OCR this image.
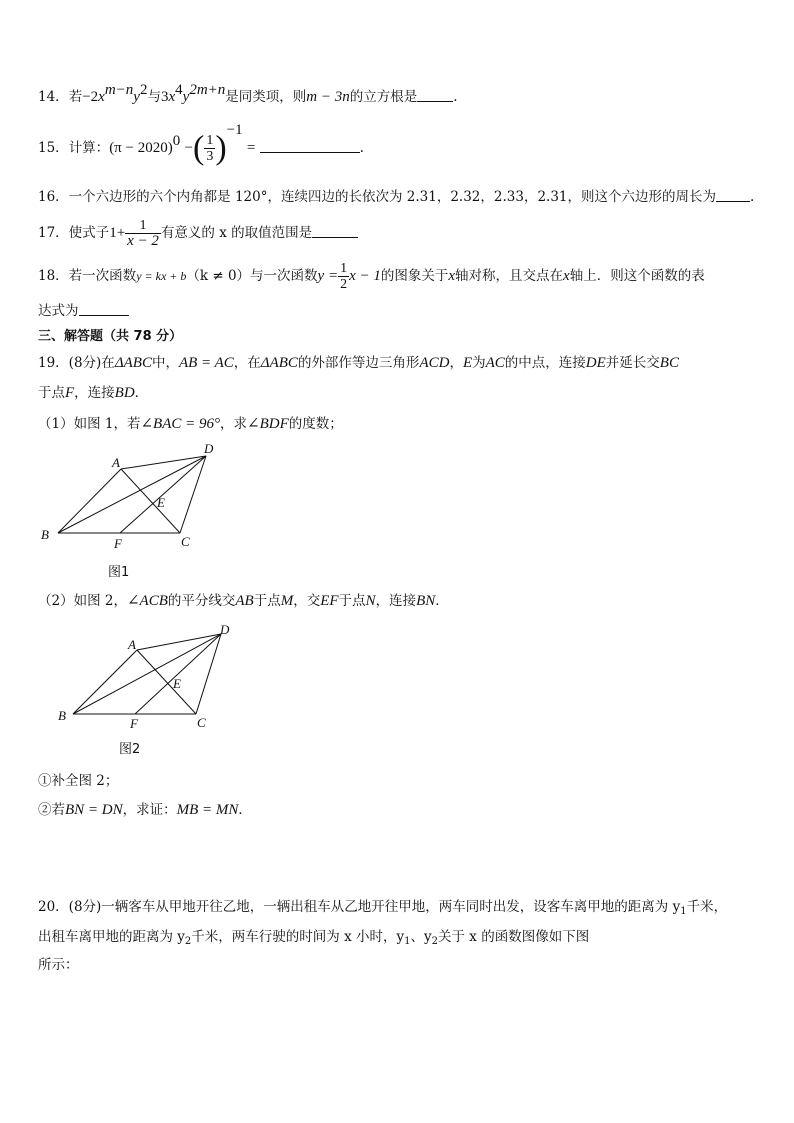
14．若$-2x^{m-n}y^2$与$3x^4y^{2m+n}$是同类项，则m − 3n的立方根是	.
15．计算：$(\pi - 2020)^0$ −( $\frac{1}{3} )^{-1}$ =	.
16．一个六边形的六个内角都是 120°，连续四边的长依次为 2.31，2.32，2.33，2.31，则这个六边形的周长为	.
17．使式子$1+ \frac{1}{x - 2}$ 有意义的 x 的取值范围是
18．若一次函数y = kx + b（k ≠ 0）与一次函数$y = \frac{1}{2}$ x − 1的图象关于x轴对称，且交点在x轴上．则这个函数的表
达式为
三、解答题（共 78 分）
19．(8分)在ΔABC中，AB = AC，在ΔABC的外部作等边三角形ACD，E为AC的中点，连接DE并延长交BC
于点F，连接BD．
（1）如图 1，若∠BAC = 96°，求∠BDF的度数；
A
D
E
B
F	C
图1
（2）如图 2，∠ACB的平分线交AB于点M，交EF于点N，连接BN．
A
D
E
B
F	C
图2
①补全图 2；
②若BN = DN，求证：MB = MN．
20．(8分)一辆客车从甲地开往乙地，一辆出租车从乙地开往甲地，两车同时出发，设客车离甲地的距离为 $y_1$千米，
出租车离甲地的距离为 $y_2$千米，两车行驶的时间为 x 小时，$y_1$、$y_2$关于 x 的函数图像如下图
所示：
